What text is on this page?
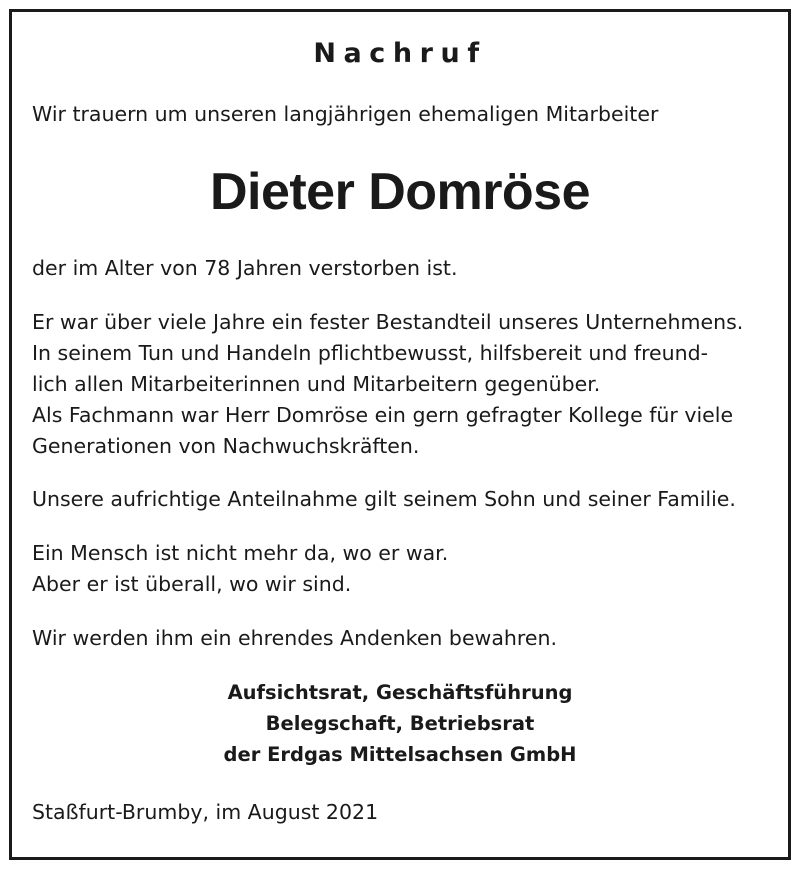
Nachruf
Wir trauern um unseren langjährigen ehemaligen Mitarbeiter
Dieter Domröse
der im Alter von 78 Jahren verstorben ist.
Er war über viele Jahre ein fester Bestandteil unseres Unternehmens.
In seinem Tun und Handeln pflichtbewusst, hilfsbereit und freund-
lich allen Mitarbeiterinnen und Mitarbeitern gegenüber.
Als Fachmann war Herr Domröse ein gern gefragter Kollege für viele
Generationen von Nachwuchskräften.
Unsere aufrichtige Anteilnahme gilt seinem Sohn und seiner Familie.
Ein Mensch ist nicht mehr da, wo er war.
Aber er ist überall, wo wir sind.
Wir werden ihm ein ehrendes Andenken bewahren.
Aufsichtsrat, Geschäftsführung
Belegschaft, Betriebsrat
der Erdgas Mittelsachsen GmbH
Staßfurt-Brumby, im August 2021
